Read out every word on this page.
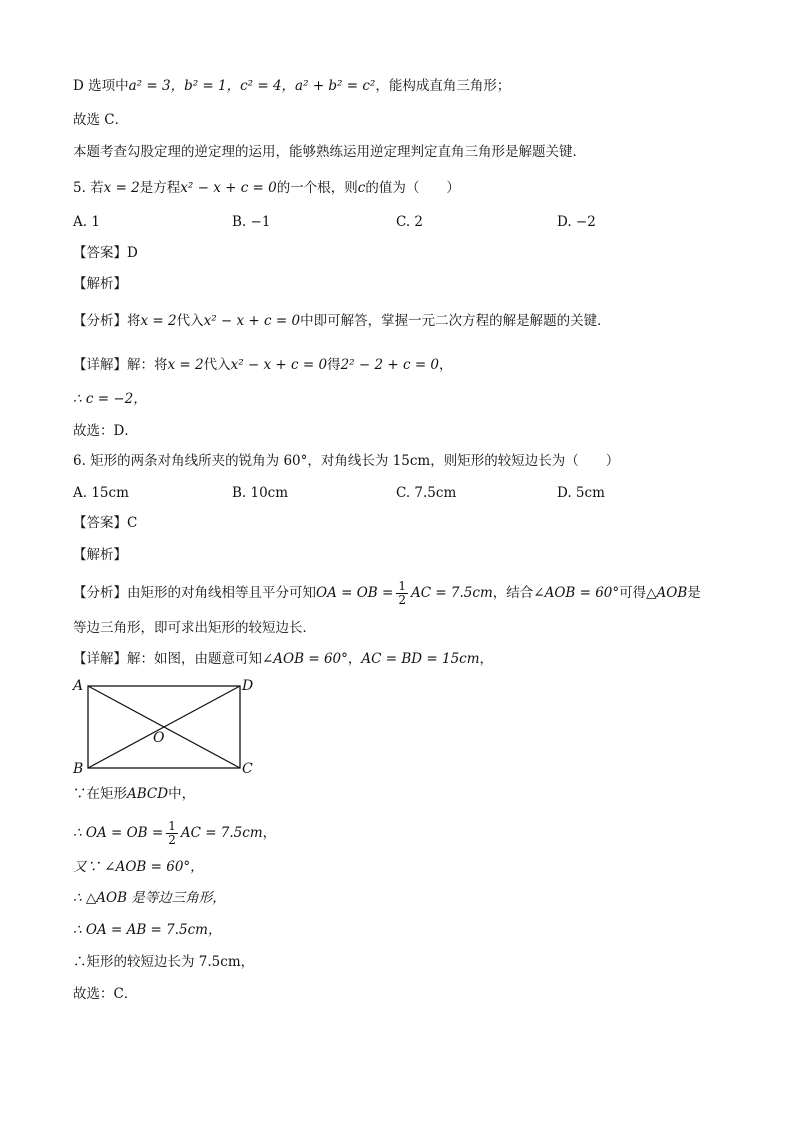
D 选项中a² = 3，b² = 1，c² = 4，a² + b² = c²，能构成直角三角形；
故选 C．
本题考查勾股定理的逆定理的运用，能够熟练运用逆定理判定直角三角形是解题关键．
5. 若x = 2是方程x² − x + c = 0的一个根，则c的值为（　　）
A. 1	B. −1	C. 2	D. −2
【答案】D
【解析】
【分析】将x = 2代入x² − x + c = 0中即可解答，掌握一元二次方程的解是解题的关键．
【详解】解：将x = 2代入x² − x + c = 0得2² − 2 + c = 0，
∴ c = −2，
故选：D．
6. 矩形的两条对角线所夹的锐角为 60°，对角线长为 15cm，则矩形的较短边长为（　　）
A. 15cm	B. 10cm	C. 7.5cm	D. 5cm
【答案】C
【解析】
【分析】由矩形的对角线相等且平分可知OA = OB = $\frac{1}{2}$ AC = 7.5cm，结合∠AOB = 60°可得△AOB是
等边三角形，即可求出矩形的较短边长．
【详解】解：如图，由题意可知∠AOB = 60°，AC = BD = 15cm，
A
B	C
D
O
∵在矩形ABCD中，
∴ OA = OB = $\frac{1}{2}$ AC = 7.5cm，
又∵ ∠AOB = 60°，
∴ △AOB 是等边三角形，
∴ OA = AB = 7.5cm，
∴矩形的较短边长为 7.5cm，
故选：C．
